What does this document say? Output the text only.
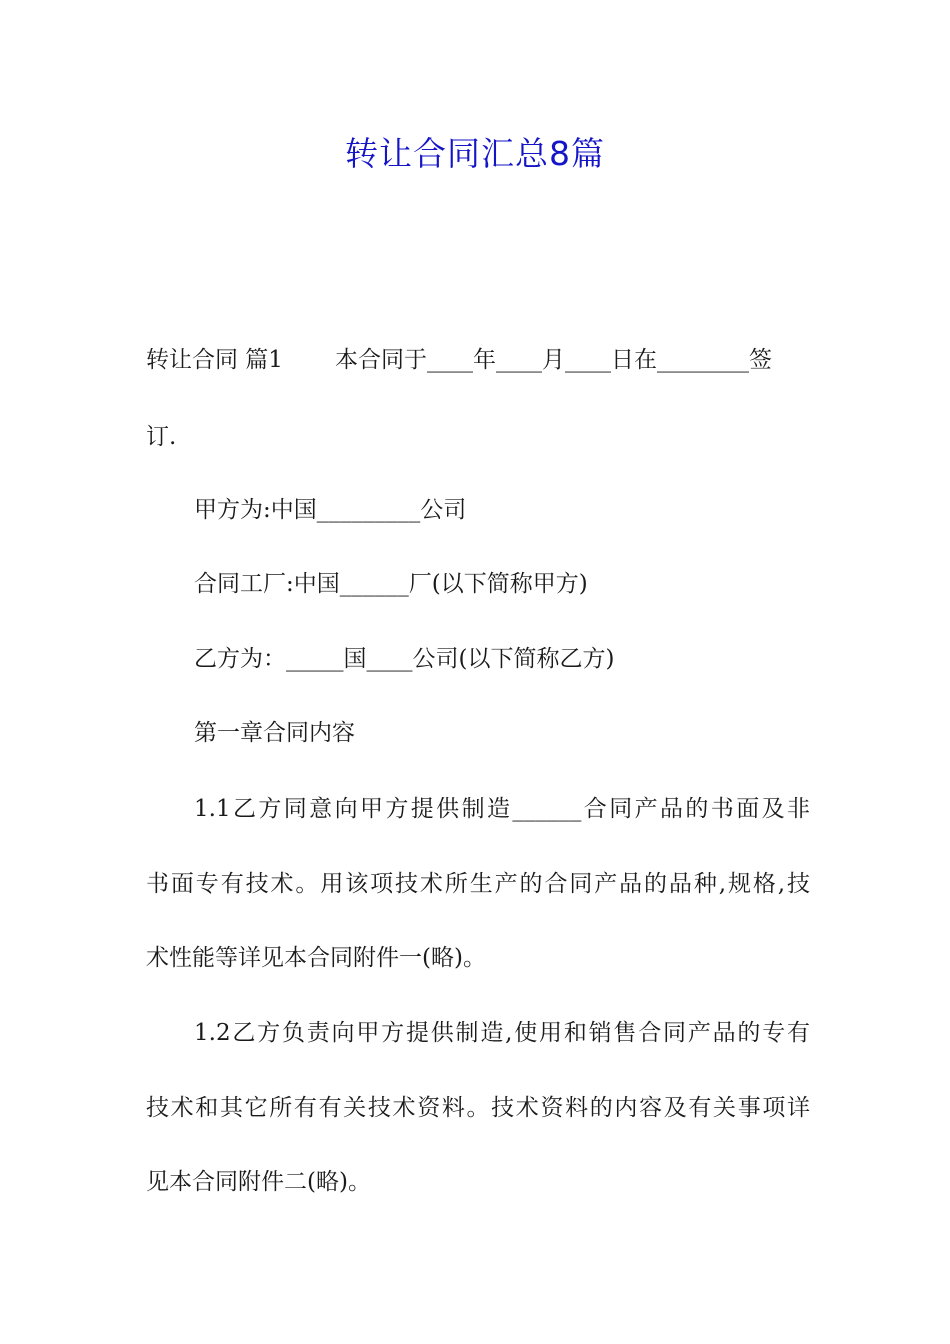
转让合同汇总8篇

转让合同 篇1 本合同于____年____月____日在________签

订.

甲方为:中国_________公司

合同工厂:中国______厂(以下简称甲方)

乙方为：_____国____公司(以下简称乙方)

第一章合同内容

1.1乙方同意向甲方提供制造______合同产品的书面及非

书面专有技术。用该项技术所生产的合同产品的品种,规格,技

术性能等详见本合同附件一(略)。

1.2乙方负责向甲方提供制造,使用和销售合同产品的专有

技术和其它所有有关技术资料。技术资料的内容及有关事项详

见本合同附件二(略)。
